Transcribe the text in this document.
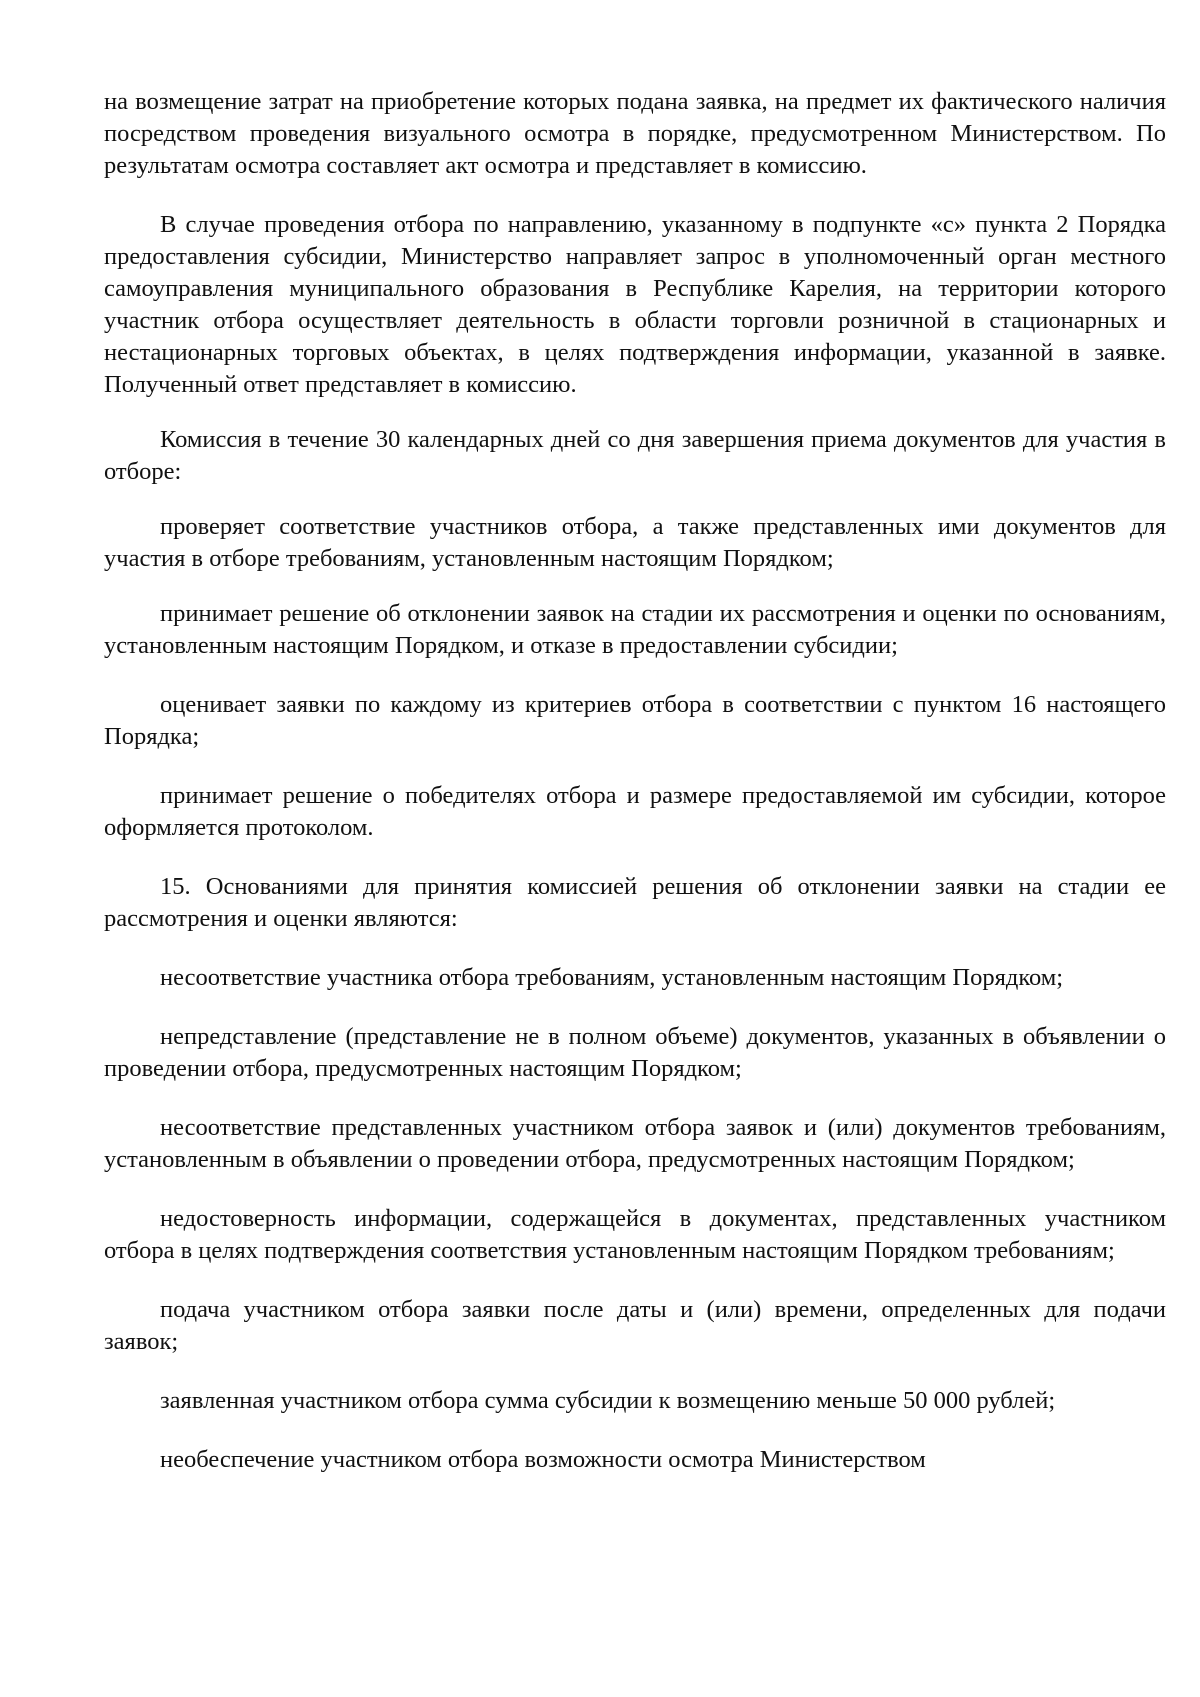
на возмещение затрат на приобретение которых подана заявка, на предмет их фактического наличия посредством проведения визуального осмотра в порядке, предусмотренном Министерством. По результатам осмотра составляет акт осмотра и представляет в комиссию.

В случае проведения отбора по направлению, указанному в подпункте «с» пункта 2 Порядка предоставления субсидии, Министерство направляет запрос в уполномоченный орган местного самоуправления муниципального образования в Республике Карелия, на территории которого участник отбора осуществляет деятельность в области торговли розничной в стационарных и нестационарных торговых объектах, в целях подтверждения информации, указанной в заявке. Полученный ответ представляет в комиссию.

Комиссия в течение 30 календарных дней со дня завершения приема документов для участия в отборе:

проверяет соответствие участников отбора, а также представленных ими документов для участия в отборе требованиям, установленным настоящим Порядком;

принимает решение об отклонении заявок на стадии их рассмотрения и оценки по основаниям, установленным настоящим Порядком, и отказе в предоставлении субсидии;

оценивает заявки по каждому из критериев отбора в соответствии с пунктом 16 настоящего Порядка;

принимает решение о победителях отбора и размере предоставляемой им субсидии, которое оформляется протоколом.

15. Основаниями для принятия комиссией решения об отклонении заявки на стадии ее рассмотрения и оценки являются:

несоответствие участника отбора требованиям, установленным настоящим Порядком;

непредставление (представление не в полном объеме) документов, указанных в объявлении о проведении отбора, предусмотренных настоящим Порядком;

несоответствие представленных участником отбора заявок и (или) документов требованиям, установленным в объявлении о проведении отбора, предусмотренных настоящим Порядком;

недостоверность информации, содержащейся в документах, представленных участником отбора в целях подтверждения соответствия установленным настоящим Порядком требованиям;

подача участником отбора заявки после даты и (или) времени, определенных для подачи заявок;

заявленная участником отбора сумма субсидии к возмещению меньше 50 000 рублей;

необеспечение участником отбора возможности осмотра Министерством
